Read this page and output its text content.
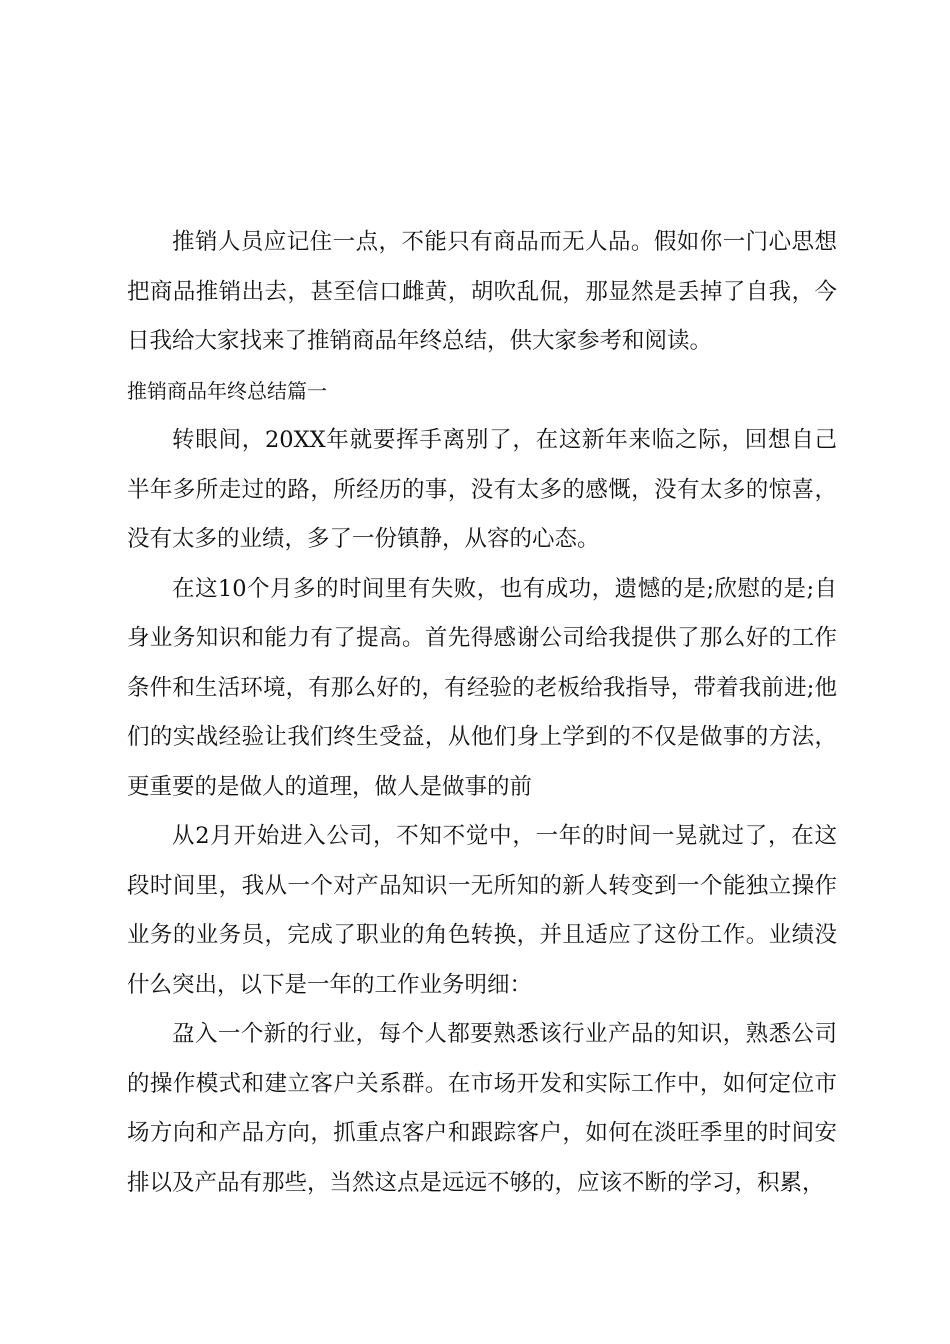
推销人员应记住一点，不能只有商品而无人品。假如你一门心思想把商品推销出去，甚至信口雌黄，胡吹乱侃，那显然是丢掉了自我，今日我给大家找来了推销商品年终总结，供大家参考和阅读。

推销商品年终总结篇一

转眼间，20XX年就要挥手离别了，在这新年来临之际，回想自己半年多所走过的路，所经历的事，没有太多的感慨，没有太多的惊喜，没有太多的业绩，多了一份镇静，从容的心态。

在这10个月多的时间里有失败，也有成功，遗憾的是;欣慰的是;自身业务知识和能力有了提高。首先得感谢公司给我提供了那么好的工作条件和生活环境，有那么好的，有经验的老板给我指导，带着我前进;他们的实战经验让我们终生受益，从他们身上学到的不仅是做事的方法，更重要的是做人的道理，做人是做事的前

从2月开始进入公司，不知不觉中，一年的时间一晃就过了，在这段时间里，我从一个对产品知识一无所知的新人转变到一个能独立操作业务的业务员，完成了职业的角色转换，并且适应了这份工作。业绩没什么突出，以下是一年的工作业务明细：

盁入一个新的行业，每个人都要熟悉该行业产品的知识，熟悉公司的操作模式和建立客户关系群。在市场开发和实际工作中，如何定位市场方向和产品方向，抓重点客户和跟踪客户，如何在淡旺季里的时间安排以及产品有那些，当然这点是远远不够的，应该不断的学习，积累，
